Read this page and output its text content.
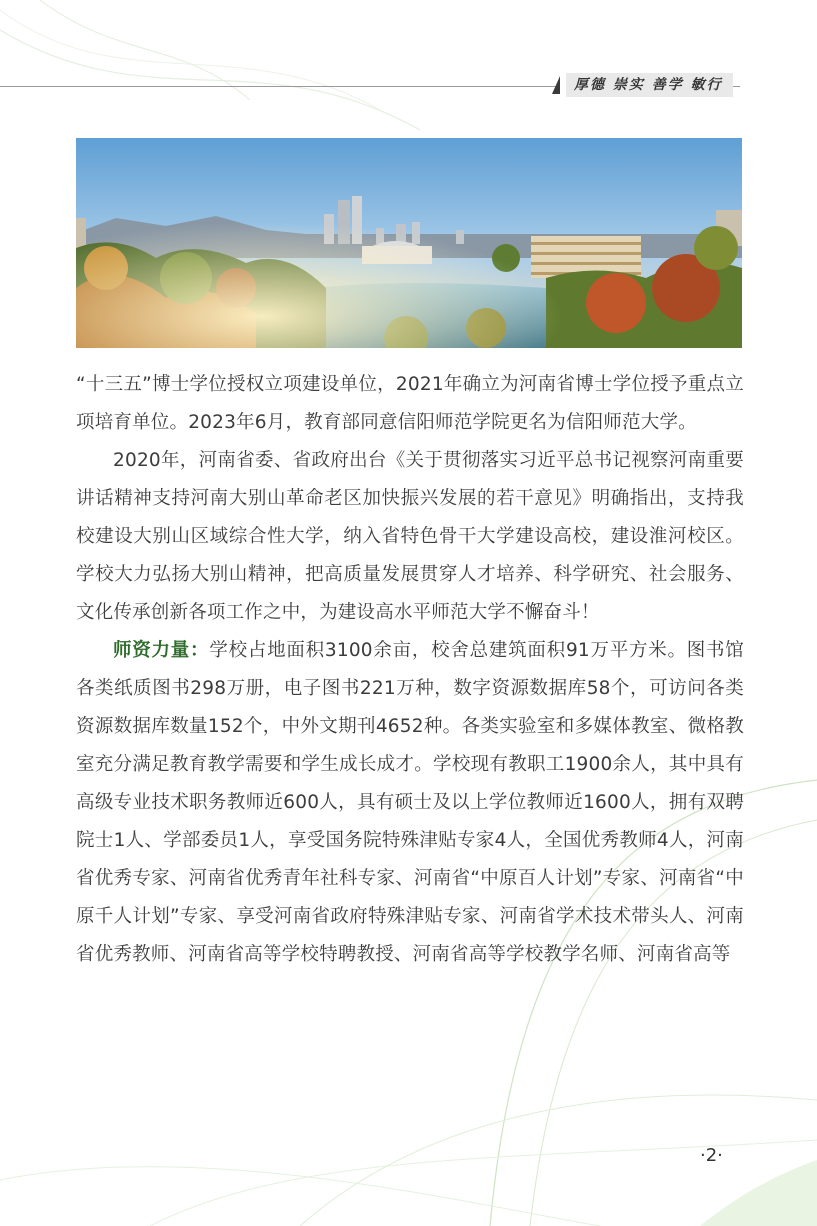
厚德 崇实 善学 敏行

“十三五”博士学位授权立项建设单位，2021年确立为河南省博士学位授予重点立项培育单位。2023年6月，教育部同意信阳师范学院更名为信阳师范大学。

2020年，河南省委、省政府出台《关于贯彻落实习近平总书记视察河南重要讲话精神支持河南大别山革命老区加快振兴发展的若干意见》明确指出，支持我校建设大别山区域综合性大学，纳入省特色骨干大学建设高校，建设淮河校区。学校大力弘扬大别山精神，把高质量发展贯穿人才培养、科学研究、社会服务、文化传承创新各项工作之中，为建设高水平师范大学不懈奋斗！

师资力量：学校占地面积3100余亩，校舍总建筑面积91万平方米。图书馆各类纸质图书298万册，电子图书221万种，数字资源数据库58个，可访问各类资源数据库数量152个，中外文期刊4652种。各类实验室和多媒体教室、微格教室充分满足教育教学需要和学生成长成才。学校现有教职工1900余人，其中具有高级专业技术职务教师近600人，具有硕士及以上学位教师近1600人，拥有双聘院士1人、学部委员1人，享受国务院特殊津贴专家4人，全国优秀教师4人，河南省优秀专家、河南省优秀青年社科专家、河南省“中原百人计划”专家、河南省“中原千人计划”专家、享受河南省政府特殊津贴专家、河南省学术技术带头人、河南省优秀教师、河南省高等学校特聘教授、河南省高等学校教学名师、河南省高等

·2·
